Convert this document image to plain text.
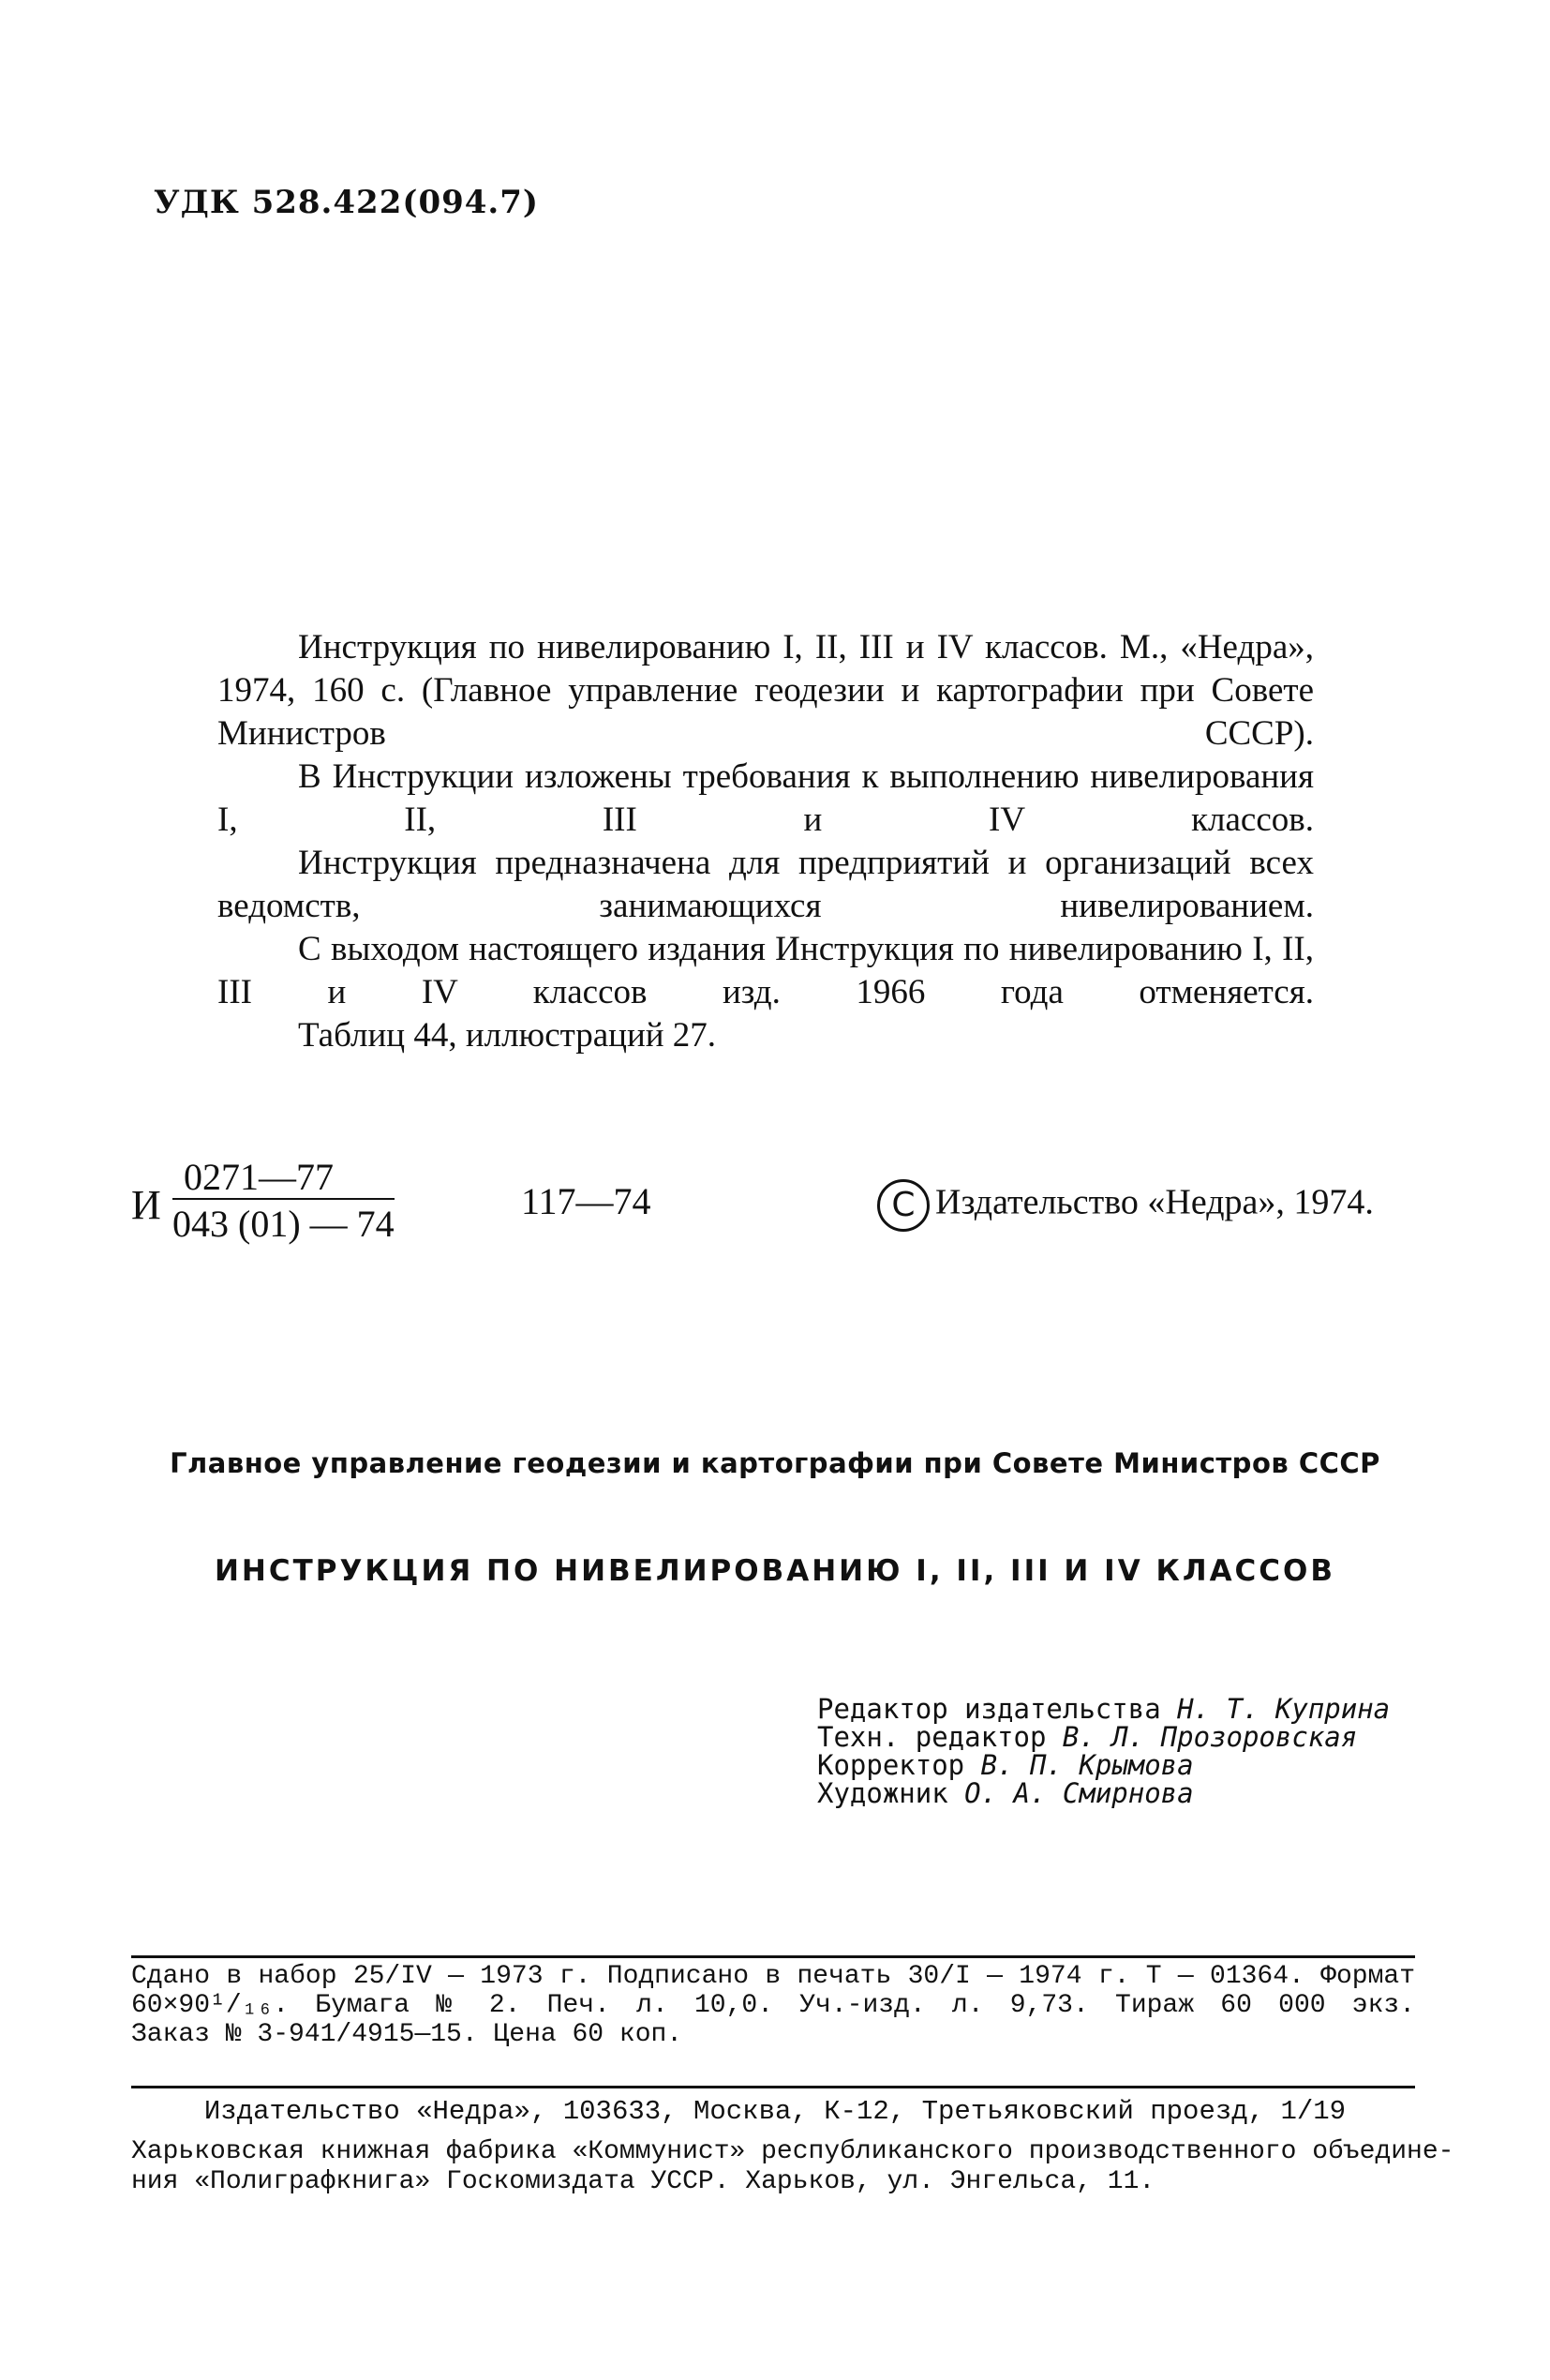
УДК 528.422(094.7)

Инструкция по нивелированию I, II, III и IV классов. М., «Недра», 1974, 160 с. (Главное управление геодезии и картографии при Совете Министров СССР).

В Инструкции изложены требования к выполнению нивелирования I, II, III и IV классов.

Инструкция предназначена для предприятий и организаций всех ведомств, занимающихся нивелированием.

С выходом настоящего издания Инструкция по нивелированию I, II, III и IV классов изд. 1966 года отменяется.

Таблиц 44, иллюстраций 27.

И
0271—77
043 (01) — 74
117—74	C Издательство «Недра», 1974.
Главное управление геодезии и картографии при Совете Министров СССР
ИНСТРУКЦИЯ ПО НИВЕЛИРОВАНИЮ I, II, III И IV КЛАССОВ
Редактор издательства Н. Т. Куприна
Техн. редактор В. Л. Прозоровская
Корректор В. П. Крымова
Художник О. А. Смирнова
Сдано в набор 25/IV — 1973 г. Подписано в печать 30/I — 1974 г. Т — 01364. Формат
60×90¹/₁₆. Бумага № 2. Печ. л. 10,0. Уч.-изд. л. 9,73. Тираж 60 000 экз.
Заказ № 3-941/4915—15. Цена 60 коп.
Издательство «Недра», 103633, Москва, К-12, Третьяковский проезд, 1/19
Харьковская книжная фабрика «Коммунист» республиканского производственного объедине-
ния «Полиграфкнига» Госкомиздата УССР. Харьков, ул. Энгельса, 11.
